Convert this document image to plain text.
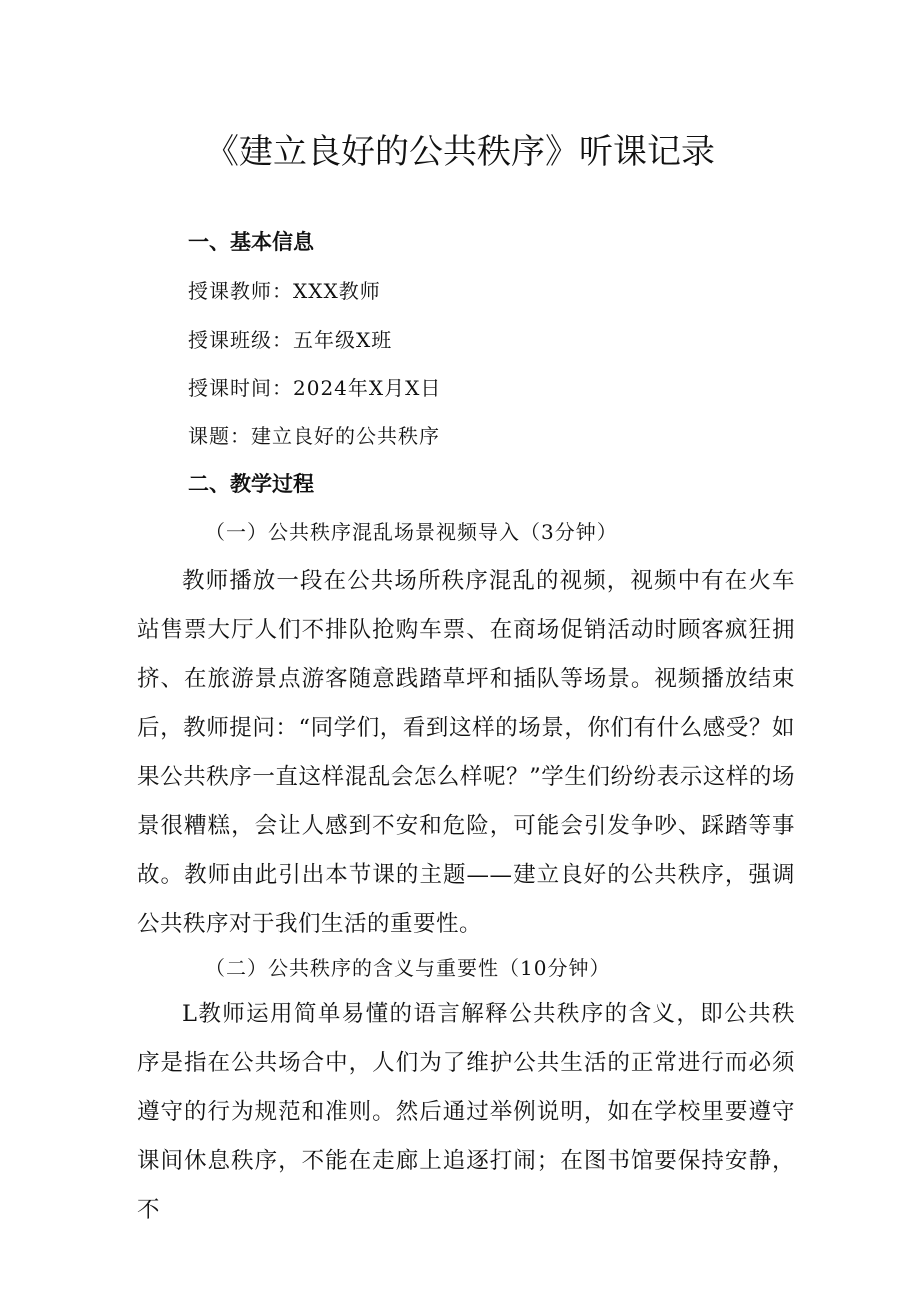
《建立良好的公共秩序》听课记录
一、基本信息
授课教师：XXX教师
授课班级：五年级X班
授课时间：2024年X月X日
课题：建立良好的公共秩序
二、教学过程
（一）公共秩序混乱场景视频导入（3分钟）
教师播放一段在公共场所秩序混乱的视频，视频中有在火车站售票大厅人们不排队抢购车票、在商场促销活动时顾客疯狂拥挤、在旅游景点游客随意践踏草坪和插队等场景。视频播放结束后，教师提问：“同学们，看到这样的场景，你们有什么感受？如果公共秩序一直这样混乱会怎么样呢？”学生们纷纷表示这样的场景很糟糕，会让人感到不安和危险，可能会引发争吵、踩踏等事故。教师由此引出本节课的主题——建立良好的公共秩序，强调公共秩序对于我们生活的重要性。
（二）公共秩序的含义与重要性（10分钟）
L教师运用简单易懂的语言解释公共秩序的含义，即公共秩序是指在公共场合中，人们为了维护公共生活的正常进行而必须遵守的行为规范和准则。然后通过举例说明，如在学校里要遵守课间休息秩序，不能在走廊上追逐打闹；在图书馆要保持安静，不
